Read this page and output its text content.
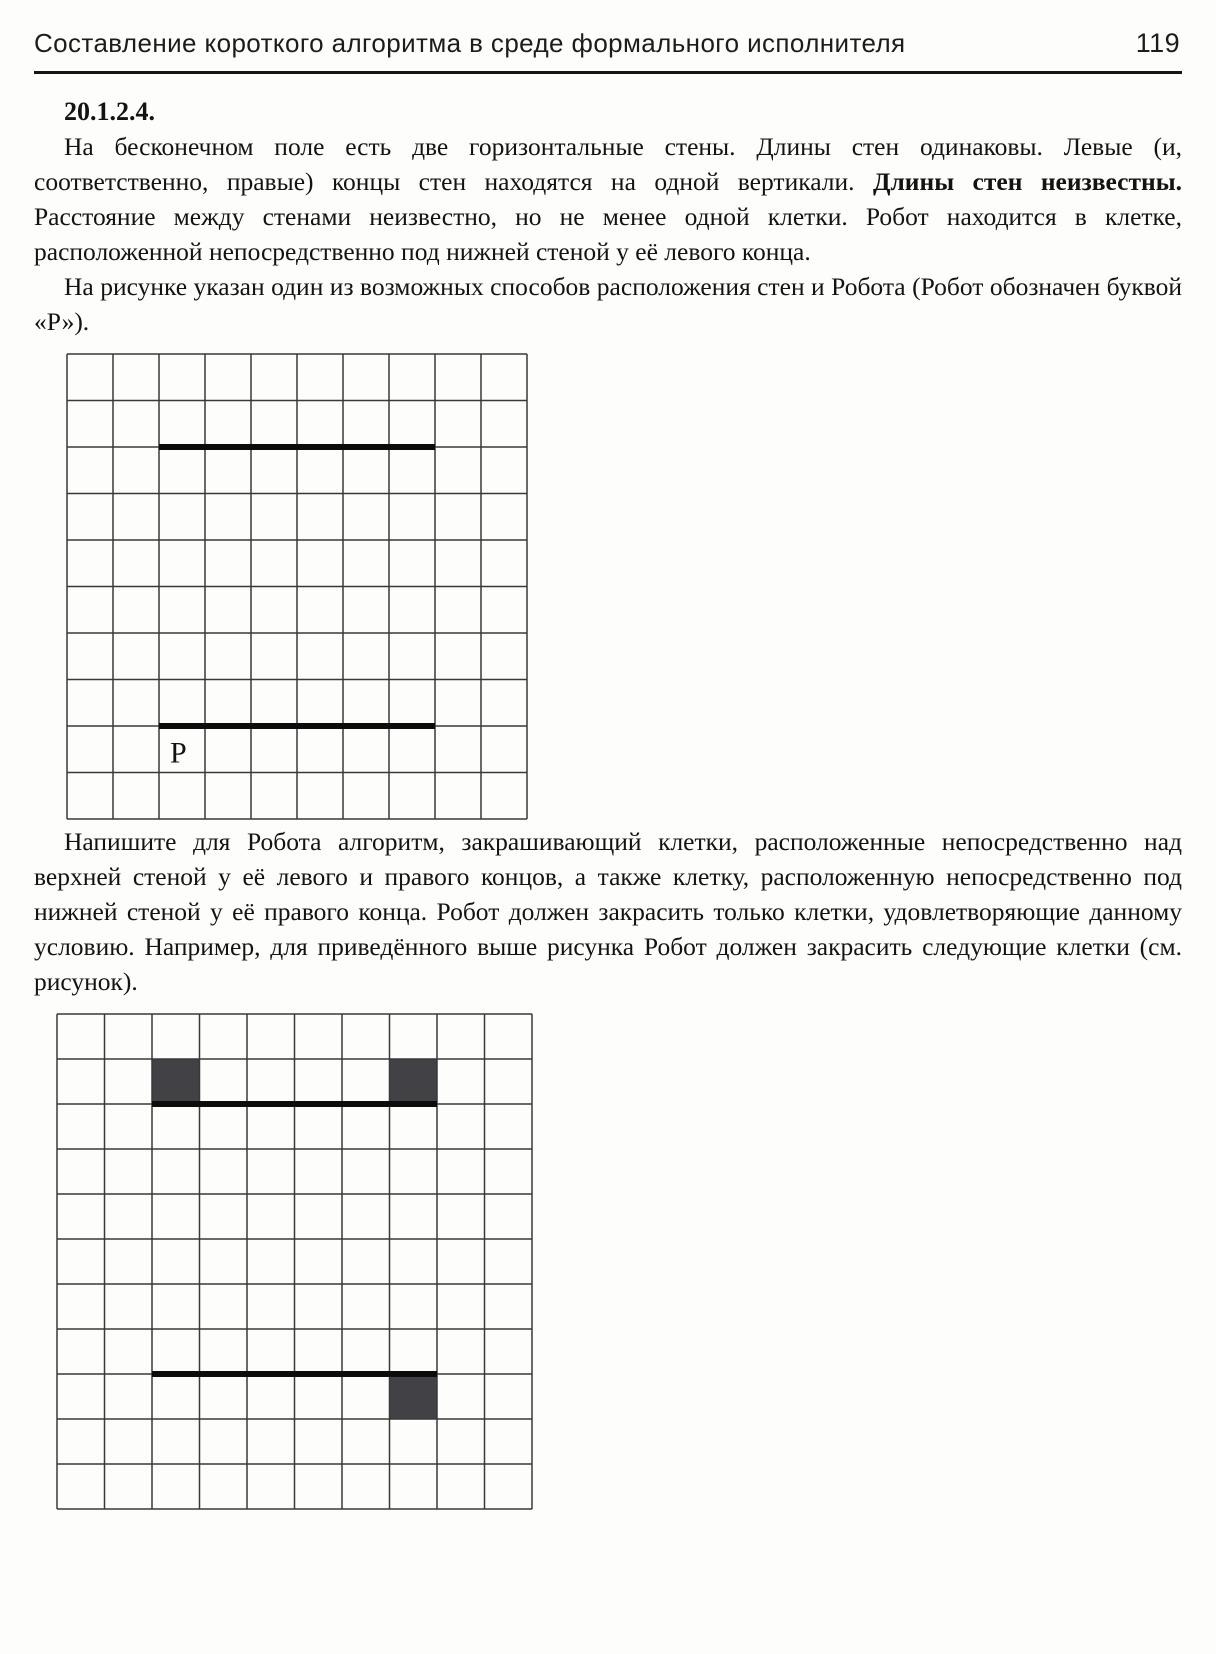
Составление короткого алгоритма в среде формального исполнителя	119

20.1.2.4.

На бесконечном поле есть две горизонтальные стены. Длины стен одинаковы. Левые (и, соответственно, правые) концы стен находятся на одной вертикали. Длины стен неизвестны. Расстояние между стенами неизвестно, но не менее одной клетки. Робот находится в клетке, расположенной непосредственно под нижней стеной у её левого конца.

На рисунке указан один из возможных способов расположения стен и Робота (Робот обозначен буквой «Р»).

Р

Напишите для Робота алгоритм, закрашивающий клетки, расположенные непосредственно над верхней стеной у её левого и правого концов, а также клетку, расположенную непосредственно под нижней стеной у её правого конца. Робот должен закрасить только клетки, удовлетворяющие данному условию. Например, для приведённого выше рисунка Робот должен закрасить следующие клетки (см. рисунок).
